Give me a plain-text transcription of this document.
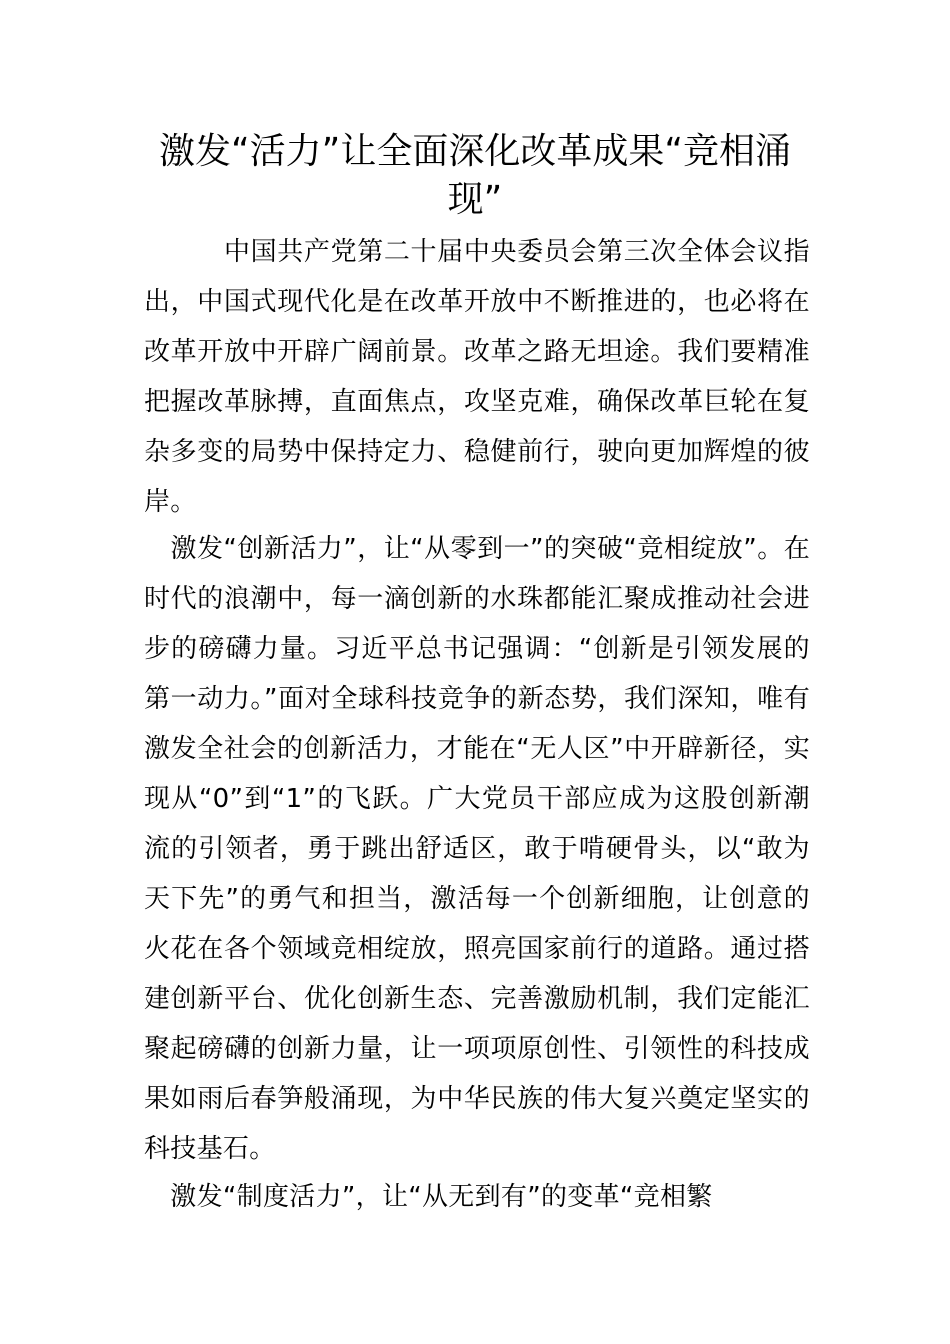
激发“活力”让全面深化改革成果“竞相涌现”

　　　中国共产党第二十届中央委员会第三次全体会议指出，中国式现代化是在改革开放中不断推进的，也必将在改革开放中开辟广阔前景。改革之路无坦途。我们要精准把握改革脉搏，直面焦点，攻坚克难，确保改革巨轮在复杂多变的局势中保持定力、稳健前行，驶向更加辉煌的彼岸。

　激发“创新活力”，让“从零到一”的突破“竞相绽放”。在时代的浪潮中，每一滴创新的水珠都能汇聚成推动社会进步的磅礴力量。习近平总书记强调：“创新是引领发展的第一动力。”面对全球科技竞争的新态势，我们深知，唯有激发全社会的创新活力，才能在“无人区”中开辟新径，实现从“0”到“1”的飞跃。广大党员干部应成为这股创新潮流的引领者，勇于跳出舒适区，敢于啃硬骨头，以“敢为天下先”的勇气和担当，激活每一个创新细胞，让创意的火花在各个领域竞相绽放，照亮国家前行的道路。通过搭建创新平台、优化创新生态、完善激励机制，我们定能汇聚起磅礴的创新力量，让一项项原创性、引领性的科技成果如雨后春笋般涌现，为中华民族的伟大复兴奠定坚实的科技基石。

　激发“制度活力”，让“从无到有”的变革“竞相繁
